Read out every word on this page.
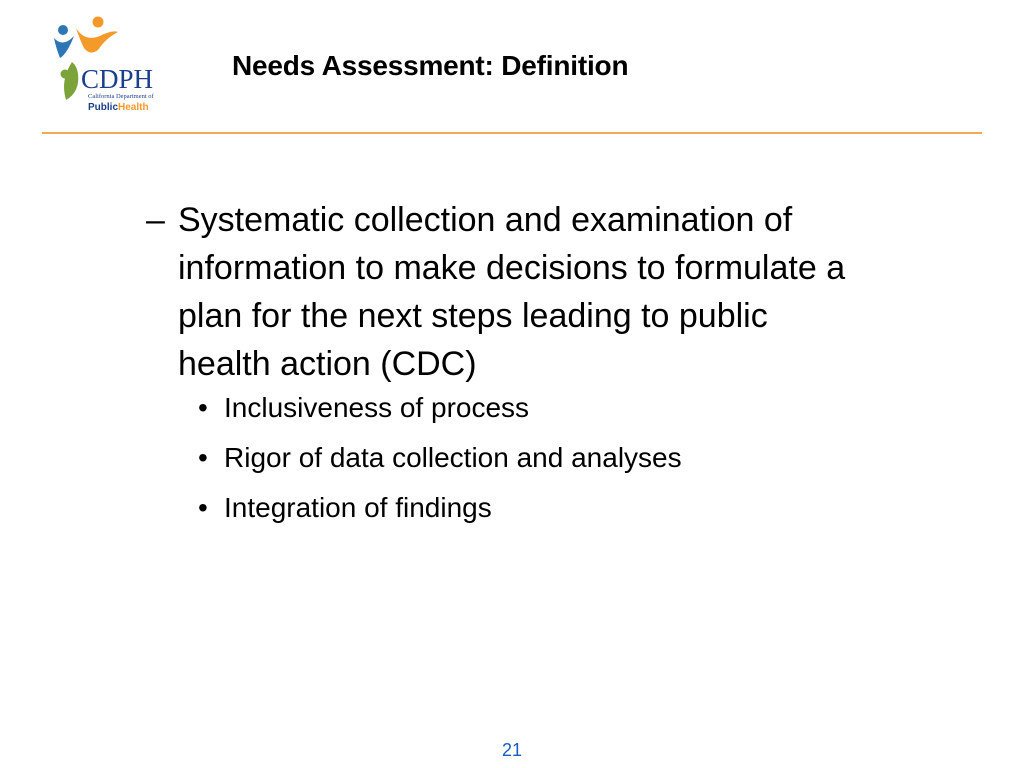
CDPH
California Department of
PublicHealth
Needs Assessment: Definition
– Systematic collection and examination of information to make decisions to formulate a plan for the next steps leading to public health action (CDC)
• Inclusiveness of process
• Rigor of data collection and analyses
• Integration of findings
21
